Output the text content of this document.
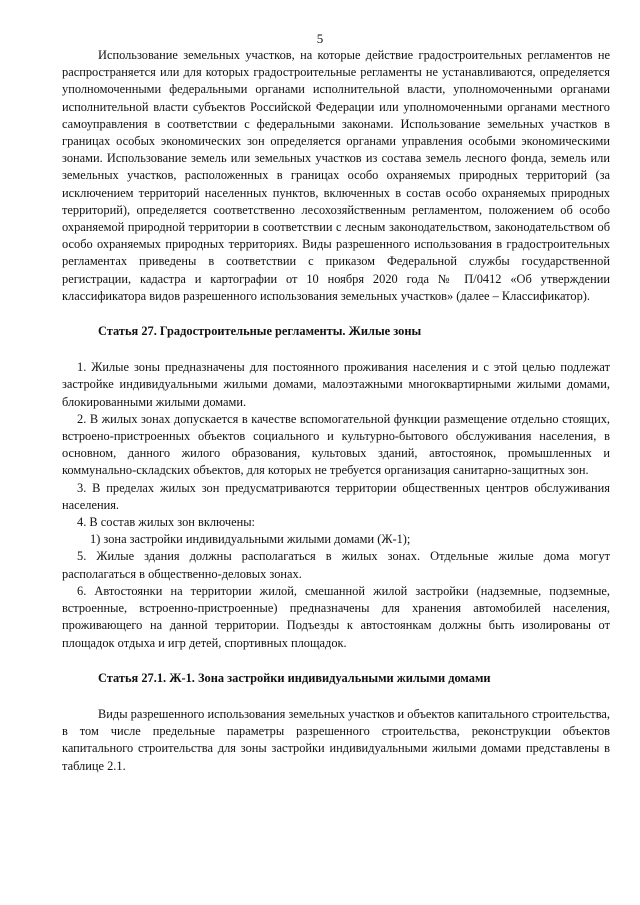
5

Использование земельных участков, на которые действие градостроительных регламентов не распространяется или для которых градостроительные регламенты не устанавливаются, определяется уполномоченными федеральными органами исполнительной власти, уполномоченными органами исполнительной власти субъектов Российской Федерации или уполномоченными органами местного самоуправления в соответствии с федеральными законами. Использование земельных участков в границах особых экономических зон определяется органами управления особыми экономическими зонами. Использование земель или земельных участков из состава земель лесного фонда, земель или земельных участков, расположенных в границах особо охраняемых природных территорий (за исключением территорий населенных пунктов, включенных в состав особо охраняемых природных территорий), определяется соответственно лесохозяйственным регламентом, положением об особо охраняемой природной территории в соответствии с лесным законодательством, законодательством об особо охраняемых природных территориях. Виды разрешенного использования в градостроительных регламентах приведены в соответствии с приказом Федеральной службы государственной регистрации, кадастра и картографии от 10 ноября 2020 года № П/0412 «Об утверждении классификатора видов разрешенного использования земельных участков» (далее – Классификатор).

Статья 27. Градостроительные регламенты. Жилые зоны

1. Жилые зоны предназначены для постоянного проживания населения и с этой целью подлежат застройке индивидуальными жилыми домами, малоэтажными многоквартирными жилыми домами, блокированными жилыми домами.

2. В жилых зонах допускается в качестве вспомогательной функции размещение отдельно стоящих, встроено-пристроенных объектов социального и культурно-бытового обслуживания населения, в основном, данного жилого образования, культовых зданий, автостоянок, промышленных и коммунально-складских объектов, для которых не требуется организация санитарно-защитных зон.

3. В пределах жилых зон предусматриваются территории общественных центров обслуживания населения.

4. В состав жилых зон включены:

1) зона застройки индивидуальными жилыми домами (Ж-1);

5. Жилые здания должны располагаться в жилых зонах. Отдельные жилые дома могут располагаться в общественно-деловых зонах.

6. Автостоянки на территории жилой, смешанной жилой застройки (надземные, подземные, встроенные, встроенно-пристроенные) предназначены для хранения автомобилей населения, проживающего на данной территории. Подъезды к автостоянкам должны быть изолированы от площадок отдыха и игр детей, спортивных площадок.

Статья 27.1. Ж-1. Зона застройки индивидуальными жилыми домами

Виды разрешенного использования земельных участков и объектов капитального строительства, в том числе предельные параметры разрешенного строительства, реконструкции объектов капитального строительства для зоны застройки индивидуальными жилыми домами представлены в таблице 2.1.
